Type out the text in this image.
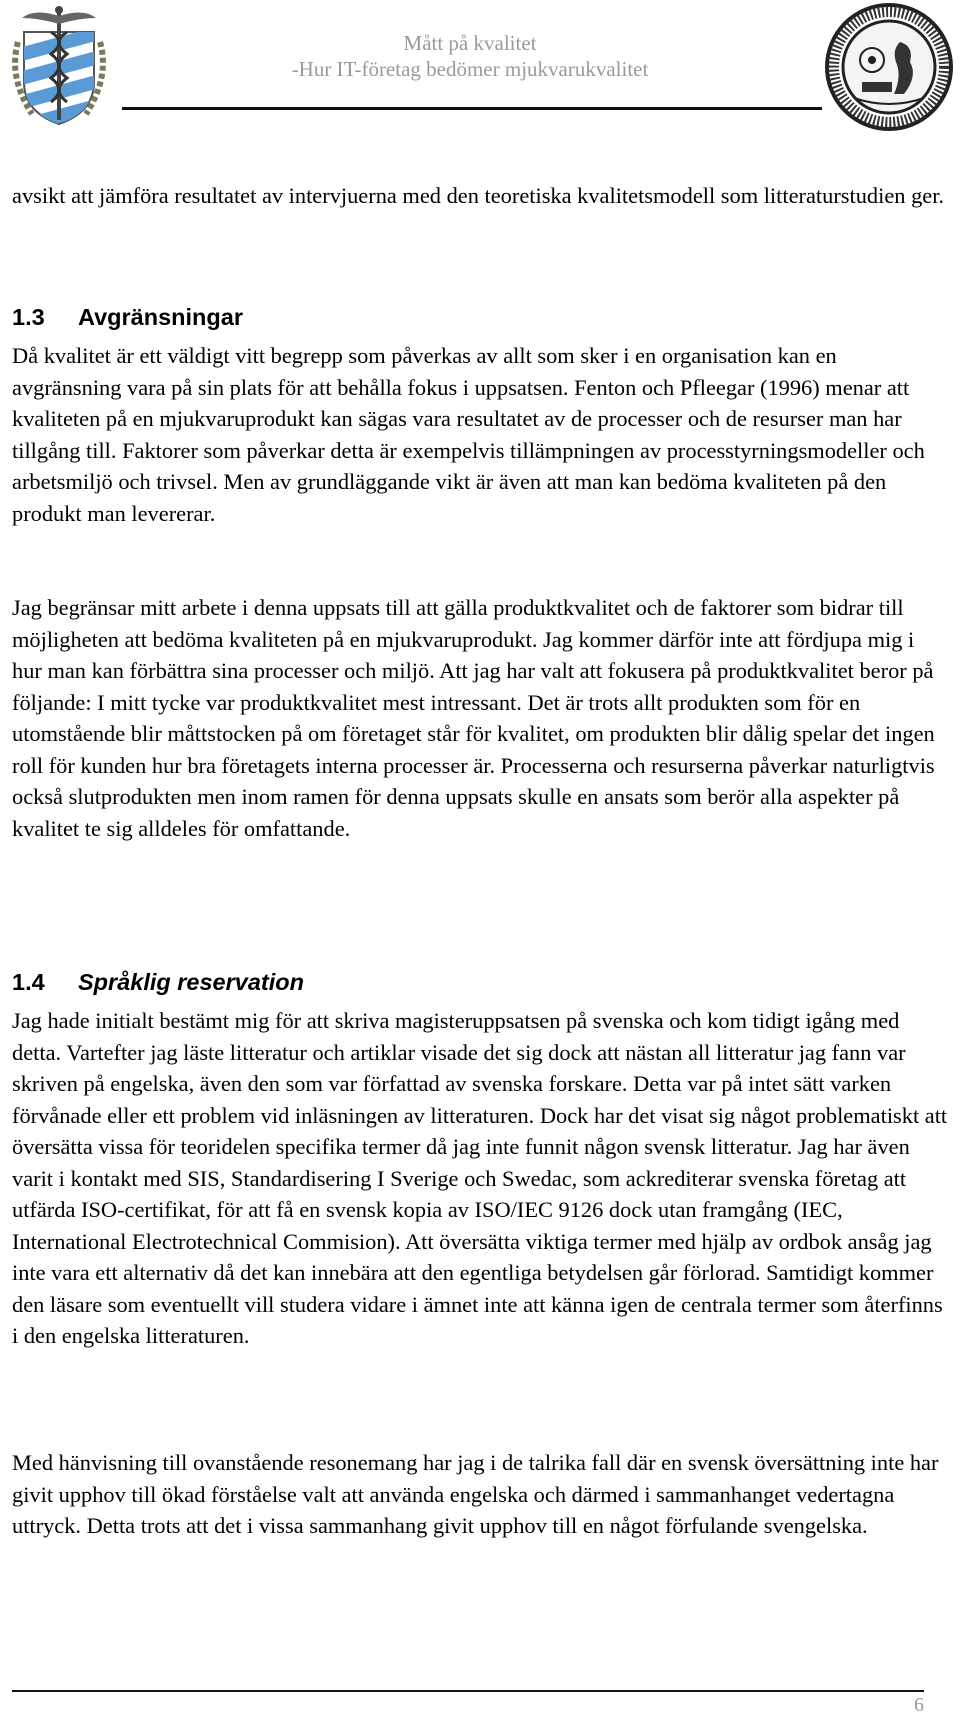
Mått på kvalitet
-Hur IT-företag bedömer mjukvarukvalitet

avsikt att jämföra resultatet av intervjuerna med den teoretiska kvalitetsmodell som litteraturstudien ger.

1.3 Avgränsningar

Då kvalitet är ett väldigt vitt begrepp som påverkas av allt som sker i en organisation kan en avgränsning vara på sin plats för att behålla fokus i uppsatsen. Fenton och Pfleegar (1996) menar att kvaliteten på en mjukvaruprodukt kan sägas vara resultatet av de processer och de resurser man har tillgång till. Faktorer som påverkar detta är exempelvis tillämpningen av processtyrningsmodeller och arbetsmiljö och trivsel. Men av grundläggande vikt är även att man kan bedöma kvaliteten på den produkt man levererar.

Jag begränsar mitt arbete i denna uppsats till att gälla produktkvalitet och de faktorer som bidrar till möjligheten att bedöma kvaliteten på en mjukvaruprodukt. Jag kommer därför inte att fördjupa mig i hur man kan förbättra sina processer och miljö. Att jag har valt att fokusera på produktkvalitet beror på följande: I mitt tycke var produktkvalitet mest intressant. Det är trots allt produkten som för en utomstående blir måttstocken på om företaget står för kvalitet, om produkten blir dålig spelar det ingen roll för kunden hur bra företagets interna processer är. Processerna och resurserna påverkar naturligtvis också slutprodukten men inom ramen för denna uppsats skulle en ansats som berör alla aspekter på kvalitet te sig alldeles för omfattande.

1.4 Språklig reservation

Jag hade initialt bestämt mig för att skriva magisteruppsatsen på svenska och kom tidigt igång med detta. Vartefter jag läste litteratur och artiklar visade det sig dock att nästan all litteratur jag fann var skriven på engelska, även den som var författad av svenska forskare. Detta var på intet sätt varken förvånade eller ett problem vid inläsningen av litteraturen. Dock har det visat sig något problematiskt att översätta vissa för teoridelen specifika termer då jag inte funnit någon svensk litteratur. Jag har även varit i kontakt med SIS, Standardisering I Sverige och Swedac, som ackrediterar svenska företag att utfärda ISO-certifikat, för att få en svensk kopia av ISO/IEC 9126 dock utan framgång (IEC, International Electrotechnical Commision). Att översätta viktiga termer med hjälp av ordbok ansåg jag inte vara ett alternativ då det kan innebära att den egentliga betydelsen går förlorad. Samtidigt kommer den läsare som eventuellt vill studera vidare i ämnet inte att känna igen de centrala termer som återfinns i den engelska litteraturen.

Med hänvisning till ovanstående resonemang har jag i de talrika fall där en svensk översättning inte har givit upphov till ökad förståelse valt att använda engelska och därmed i sammanhanget vedertagna uttryck. Detta trots att det i vissa sammanhang givit upphov till en något förfulande svengelska.

6
